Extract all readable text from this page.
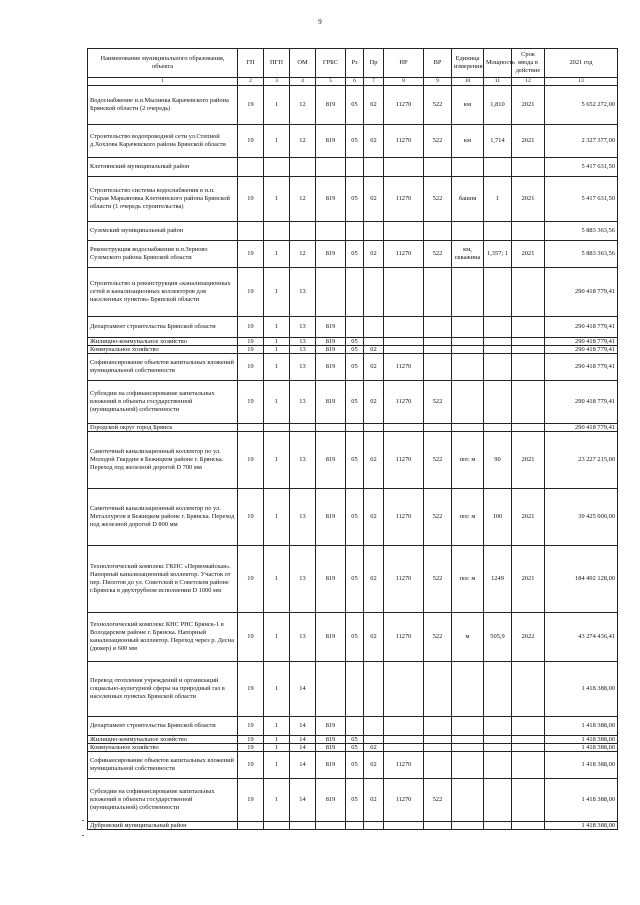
9
Наименование муниципального образования, объекта	ГП	ПГП	ОМ	ГРБС	Рз	Пр	НР	ВР	Единица измерения	Мощность	Срок ввода в действие	2021 год
1	2	3	4	5	6	7	8	9	10	11	12	13
Водоснабжение н.п.Мылинка Карачевского района Брянской области (2 очередь)	19	1	12	819	05	02	11270	522	км	1,810	2021	5 652 272,00
Строительство водопроводной сети ул.Степной д.Хохлова Карачевского района Брянской области	19	1	12	819	05	02	11270	522	км	1,714	2021	2 327 377,00
Клетнянский муниципальный район												5 417 631,50
Строительство системы водоснабжения в н.п. Старая Марьяновка Клетнянского района Брянской области (1 очередь строительства)	19	1	12	819	05	02	11270	522	башня	1	2021	5 417 631,50
Суземский муниципальный район												5 883 363,56
Реконструкция водоснабжения н.п.Зерново Суземского района Брянской области	19	1	12	819	05	02	11270	522	км, скважина	1,357; 1	2021	5 883 363,56
Строительство и реконструкция «канализационных сетей и канализационных коллекторов для населенных пунктов» Брянской области	19	1	13									290 418 779,41
Департамент строительства Брянской области	19	1	13	819								290 418 779,41
Жилищно-коммунальное хозяйство	19	1	13	819	05							290 418 779,41
Коммунальное хозяйство	19	1	13	819	05	02						290 418 779,41
Софинансирование объектов капитальных вложений муниципальной собственности	19	1	13	819	05	02	11270					290 418 779,41
Субсидии на софинансирование капитальных вложений в объекты государственной (муниципальной) собственности	19	1	13	819	05	02	11270	522				290 418 779,41
Городской округ город Брянск												290 418 779,41
Самотечный канализационный коллектор по ул. Молодой Гвардии в Бежицком районе г. Брянска. Переход под железной дорогой D 700 мм	19	1	13	819	05	02	11270	522	пог. м	90	2021	23 227 215,00
Самотечный канализационный коллектор по ул. Металлургов в Бежицком районе г. Брянска. Переход под железной дорогой D 800 мм	19	1	13	819	05	02	11270	522	пог. м	100	2021	39 425 000,00
Технологический комплекс ГКНС «Первомайская». Напорный канализационный коллектор. Участок от пер. Пилотов до ул. Советской в Советском районе г.Брянска в двухтрубном исполнении D 1000 мм	19	1	13	819	05	02	11270	522	пог. м	1249	2021	184 492 128,00
Технологический комплекс КНС РНС Брянск-1 в Володарском районе г. Брянска. Напорный канализационный коллектор. Переход через р. Десна (дюкер) ø 600 мм	19	1	13	819	05	02	11270	522	м	505,9	2022	43 274 436,41
Перевод отопления учреждений и организаций социально-культурной сферы на природный газ в населенных пунктах Брянской области	19	1	14									1 418 388,00
Департамент строительства Брянской области	19	1	14	819								1 418 388,00
Жилищно-коммунальное хозяйство	19	1	14	819	05							1 418 388,00
Коммунальное хозяйство	19	1	14	819	05	02						1 418 388,00
Софинансирование объектов капитальных вложений муниципальной собственности	19	1	14	819	05	02	11270					1 418 388,00
Субсидии на софинансирование капитальных вложений в объекты государственной (муниципальной) собственности	19	1	14	819	05	02	11270	522				1 418 388,00
Дубровский муниципальный район												1 418 388,00
